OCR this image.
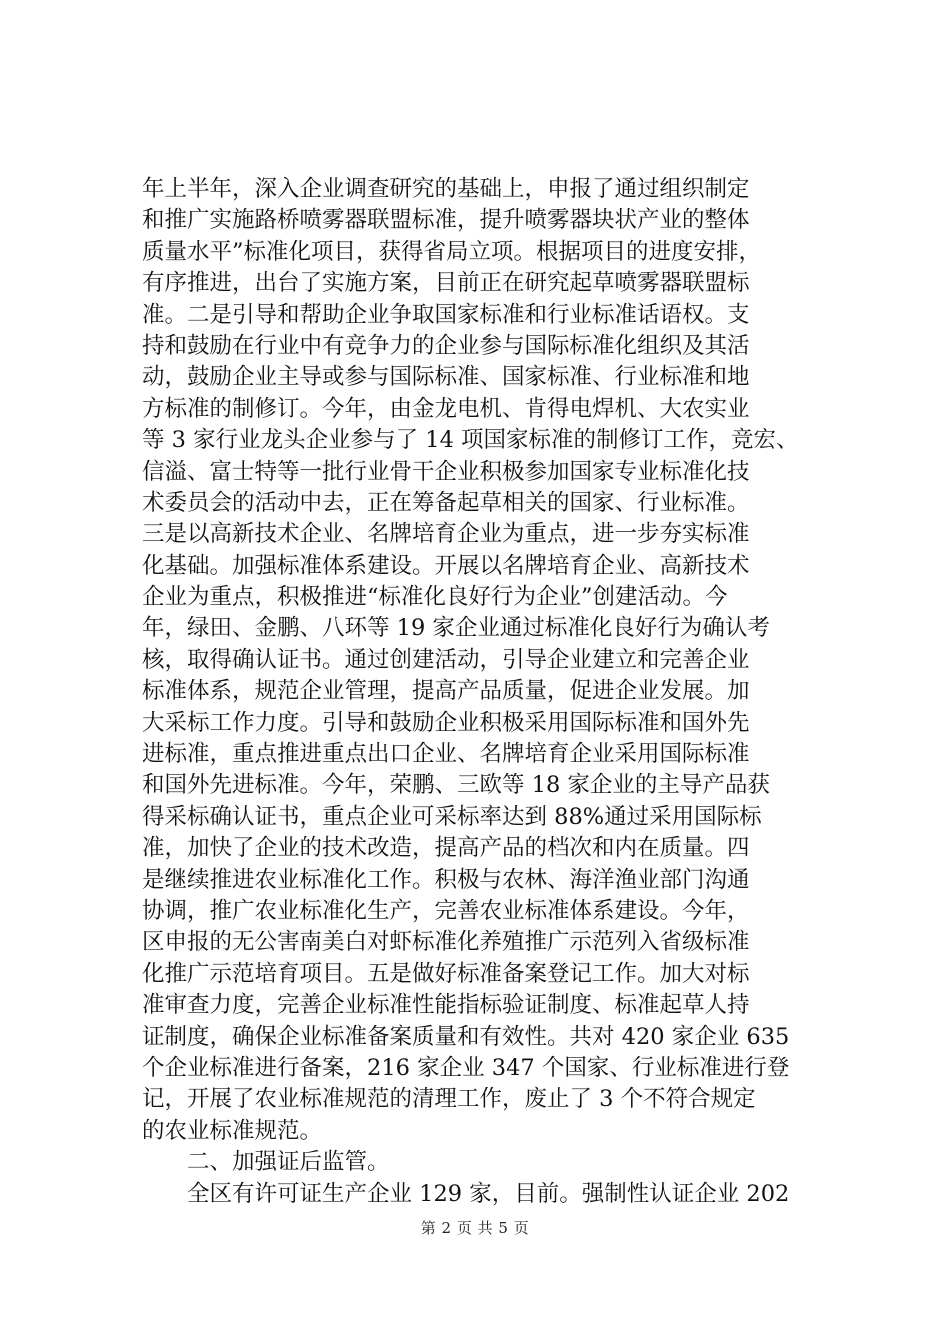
年上半年，深入企业调查研究的基础上，申报了通过组织制定
和推广实施路桥喷雾器联盟标准，提升喷雾器块状产业的整体
质量水平”标准化项目，获得省局立项。根据项目的进度安排，
有序推进，出台了实施方案，目前正在研究起草喷雾器联盟标
准。二是引导和帮助企业争取国家标准和行业标准话语权。支
持和鼓励在行业中有竞争力的企业参与国际标准化组织及其活
动，鼓励企业主导或参与国际标准、国家标准、行业标准和地
方标准的制修订。今年，由金龙电机、肯得电焊机、大农实业
等 3 家行业龙头企业参与了 14 项国家标准的制修订工作，竞宏、
信溢、富士特等一批行业骨干企业积极参加国家专业标准化技
术委员会的活动中去，正在筹备起草相关的国家、行业标准。
三是以高新技术企业、名牌培育企业为重点，进一步夯实标准
化基础。加强标准体系建设。开展以名牌培育企业、高新技术
企业为重点，积极推进“标准化良好行为企业”创建活动。今
年，绿田、金鹏、八环等 19 家企业通过标准化良好行为确认考
核，取得确认证书。通过创建活动，引导企业建立和完善企业
标准体系，规范企业管理，提高产品质量，促进企业发展。加
大采标工作力度。引导和鼓励企业积极采用国际标准和国外先
进标准，重点推进重点出口企业、名牌培育企业采用国际标准
和国外先进标准。今年，荣鹏、三欧等 18 家企业的主导产品获
得采标确认证书，重点企业可采标率达到 88%通过采用国际标
准，加快了企业的技术改造，提高产品的档次和内在质量。四
是继续推进农业标准化工作。积极与农林、海洋渔业部门沟通
协调，推广农业标准化生产，完善农业标准体系建设。今年，
区申报的无公害南美白对虾标准化养殖推广示范列入省级标准
化推广示范培育项目。五是做好标准备案登记工作。加大对标
准审查力度，完善企业标准性能指标验证制度、标准起草人持
证制度，确保企业标准备案质量和有效性。共对 420 家企业 635
个企业标准进行备案，216 家企业 347 个国家、行业标准进行登
记，开展了农业标准规范的清理工作，废止了 3 个不符合规定
的农业标准规范。
二、加强证后监管。
全区有许可证生产企业 129 家，目前。强制性认证企业 202
第 2 页 共 5 页
